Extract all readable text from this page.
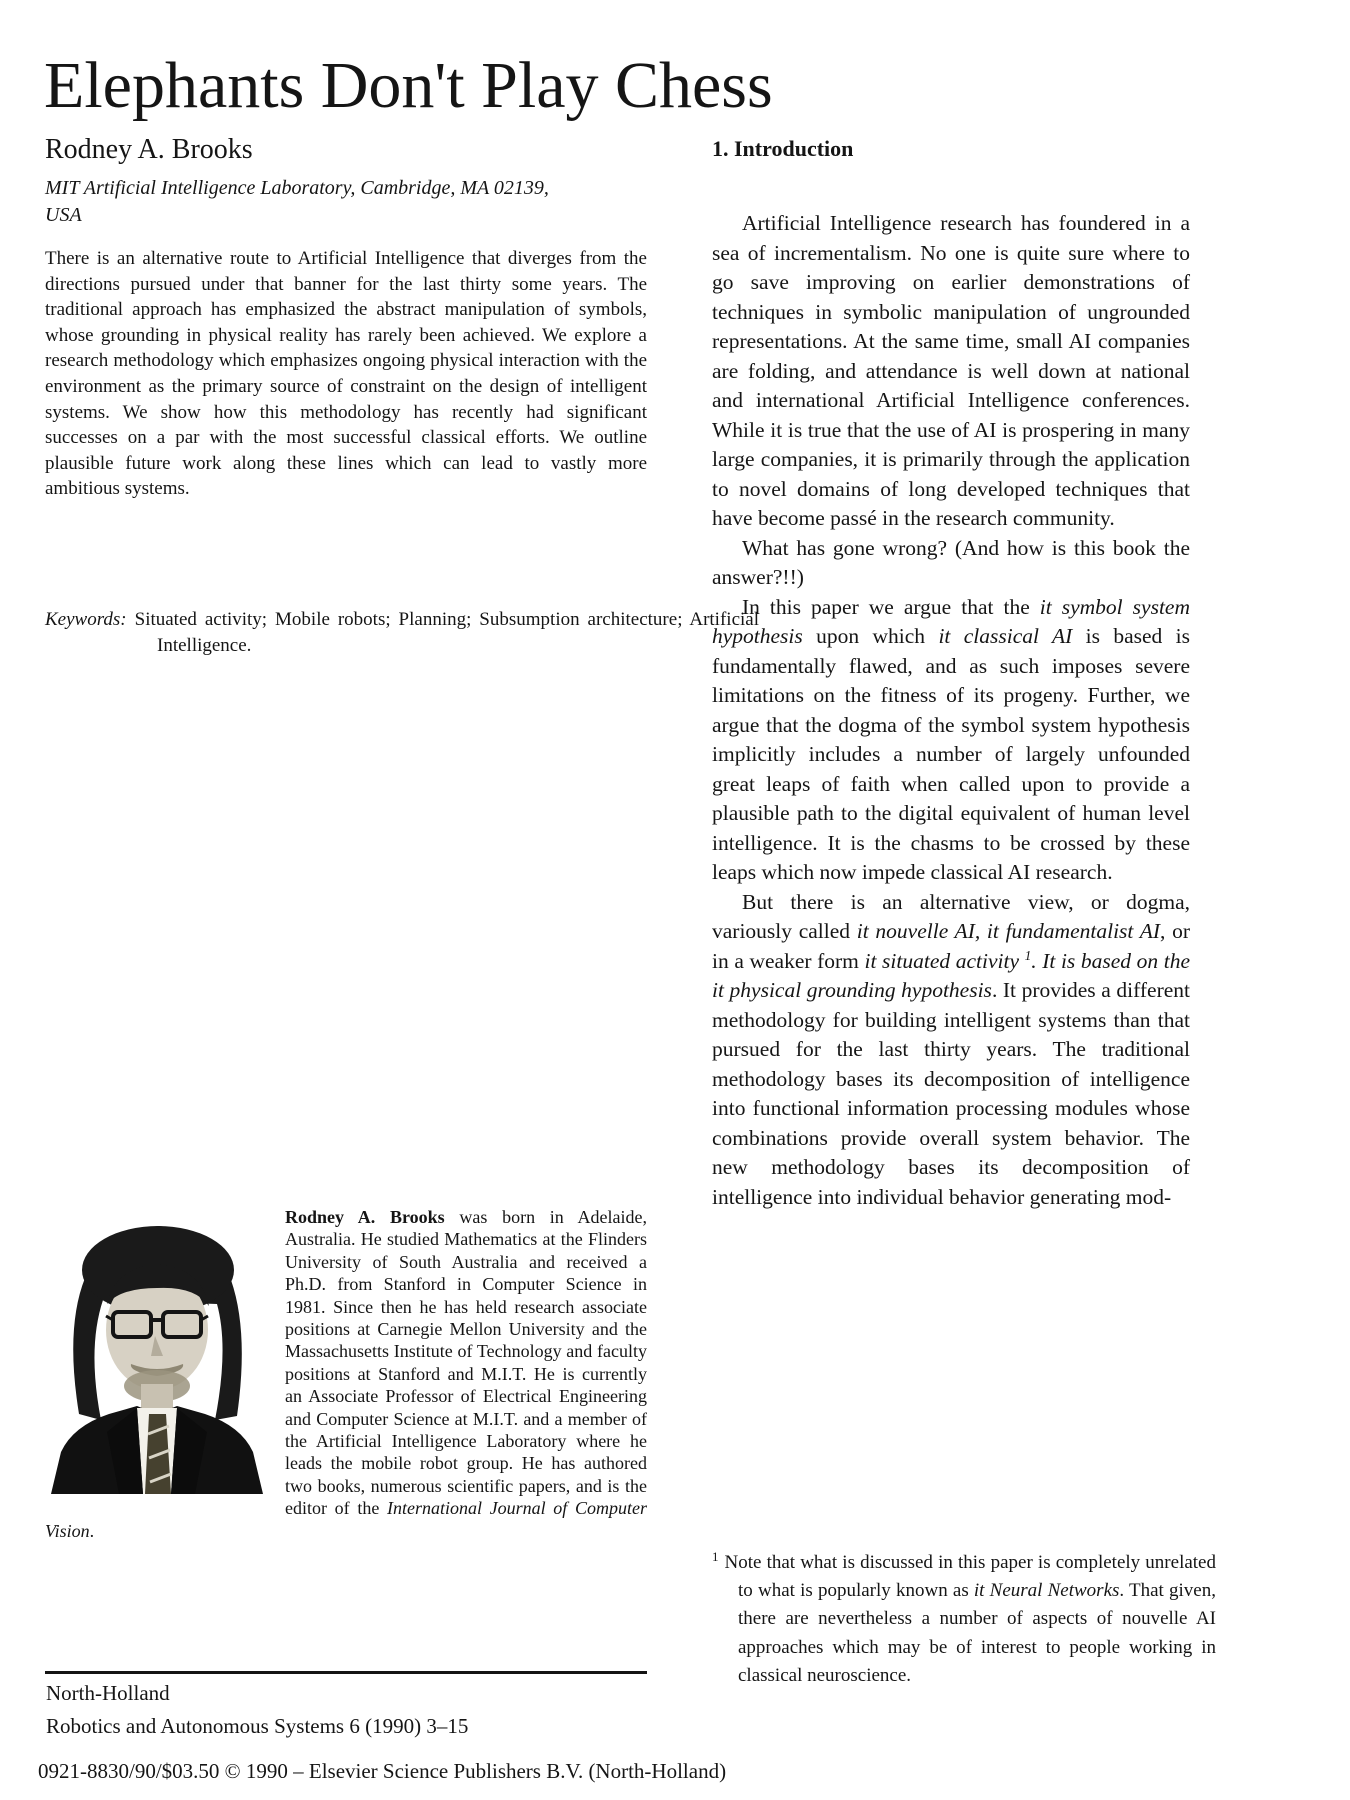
Elephants Don't Play Chess
Rodney A. Brooks
MIT Artificial Intelligence Laboratory, Cambridge, MA 02139,
USA
There is an alternative route to Artificial Intelligence that diverges from the directions pursued under that banner for the last thirty some years. The traditional approach has emphasized the abstract manipulation of symbols, whose grounding in physical reality has rarely been achieved. We explore a research methodology which emphasizes ongoing physical interaction with the environment as the primary source of constraint on the design of intelligent systems. We show how this methodology has recently had significant successes on a par with the most successful classical efforts. We outline plausible future work along these lines which can lead to vastly more ambitious systems.

Keywords: Situated activity; Mobile robots; Planning; Subsumption architecture; Artificial Intelligence.

Rodney A. Brooks was born in Adelaide, Australia. He studied Mathematics at the Flinders University of South Australia and received a Ph.D. from Stanford in Computer Science in 1981. Since then he has held research associate positions at Carnegie Mellon University and the Massachusetts Institute of Technology and faculty positions at Stanford and M.I.T. He is currently an Associate Professor of Electrical Engineering and Computer Science at M.I.T. and a member of the Artificial Intelligence Laboratory where he leads the mobile robot group. He has authored two books, numerous scientific papers, and is the editor of the International Journal of Computer Vision.
North-Holland
Robotics and Autonomous Systems 6 (1990) 3–15
0921-8830/90/$03.50 © 1990 – Elsevier Science Publishers B.V. (North-Holland)
1. Introduction

Artificial Intelligence research has foundered in a sea of incrementalism. No one is quite sure where to go save improving on earlier demonstrations of techniques in symbolic manipulation of ungrounded representations. At the same time, small AI companies are folding, and attendance is well down at national and international Artificial Intelligence conferences. While it is true that the use of AI is prospering in many large companies, it is primarily through the application to novel domains of long developed techniques that have become passé in the research community.

What has gone wrong? (And how is this book the answer?!!)

In this paper we argue that the it symbol system hypothesis upon which it classical AI is based is fundamentally flawed, and as such imposes severe limitations on the fitness of its progeny. Further, we argue that the dogma of the symbol system hypothesis implicitly includes a number of largely unfounded great leaps of faith when called upon to provide a plausible path to the digital equivalent of human level intelligence. It is the chasms to be crossed by these leaps which now impede classical AI research.

But there is an alternative view, or dogma, variously called it nouvelle AI, it fundamentalist AI, or in a weaker form it situated activity $^1$. It is based on the it physical grounding hypothesis. It provides a different methodology for building intelligent systems than that pursued for the last thirty years. The traditional methodology bases its decomposition of intelligence into functional information processing modules whose combinations provide overall system behavior. The new methodology bases its decomposition of intelligence into individual behavior generating mod-

$^1$ Note that what is discussed in this paper is completely unrelated to what is popularly known as it Neural Networks. That given, there are nevertheless a number of aspects of nouvelle AI approaches which may be of interest to people working in classical neuroscience.
